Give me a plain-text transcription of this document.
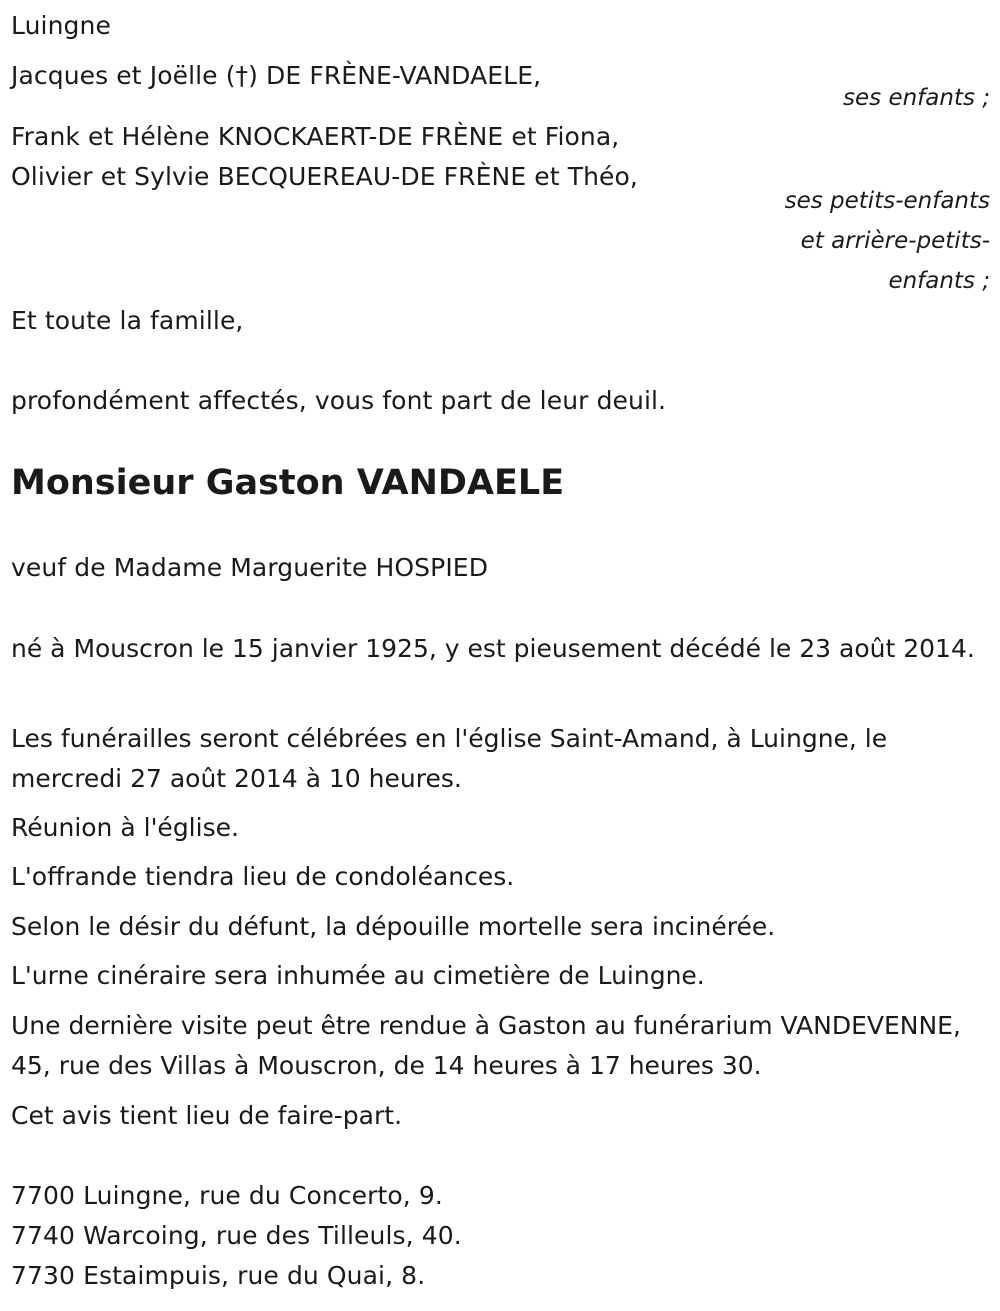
Luingne
Jacques et Joëlle (†) DE FRÈNE-VANDAELE,
ses enfants ;
Frank et Hélène KNOCKAERT-DE FRÈNE et Fiona,
Olivier et Sylvie BECQUEREAU-DE FRÈNE et Théo,
ses petits-enfants
et arrière-petits-
enfants ;
Et toute la famille,
profondément affectés, vous font part de leur deuil.
Monsieur Gaston VANDAELE
veuf de Madame Marguerite HOSPIED
né à Mouscron le 15 janvier 1925, y est pieusement décédé le 23 août 2014.
Les funérailles seront célébrées en l'église Saint-Amand, à Luingne, le mercredi 27 août 2014 à 10 heures.
Réunion à l'église.
L'offrande tiendra lieu de condoléances.
Selon le désir du défunt, la dépouille mortelle sera incinérée.
L'urne cinéraire sera inhumée au cimetière de Luingne.
Une dernière visite peut être rendue à Gaston au funérarium VANDEVENNE, 45, rue des Villas à Mouscron, de 14 heures à 17 heures 30.
Cet avis tient lieu de faire-part.
7700 Luingne, rue du Concerto, 9.
7740 Warcoing, rue des Tilleuls, 40.
7730 Estaimpuis, rue du Quai, 8.
